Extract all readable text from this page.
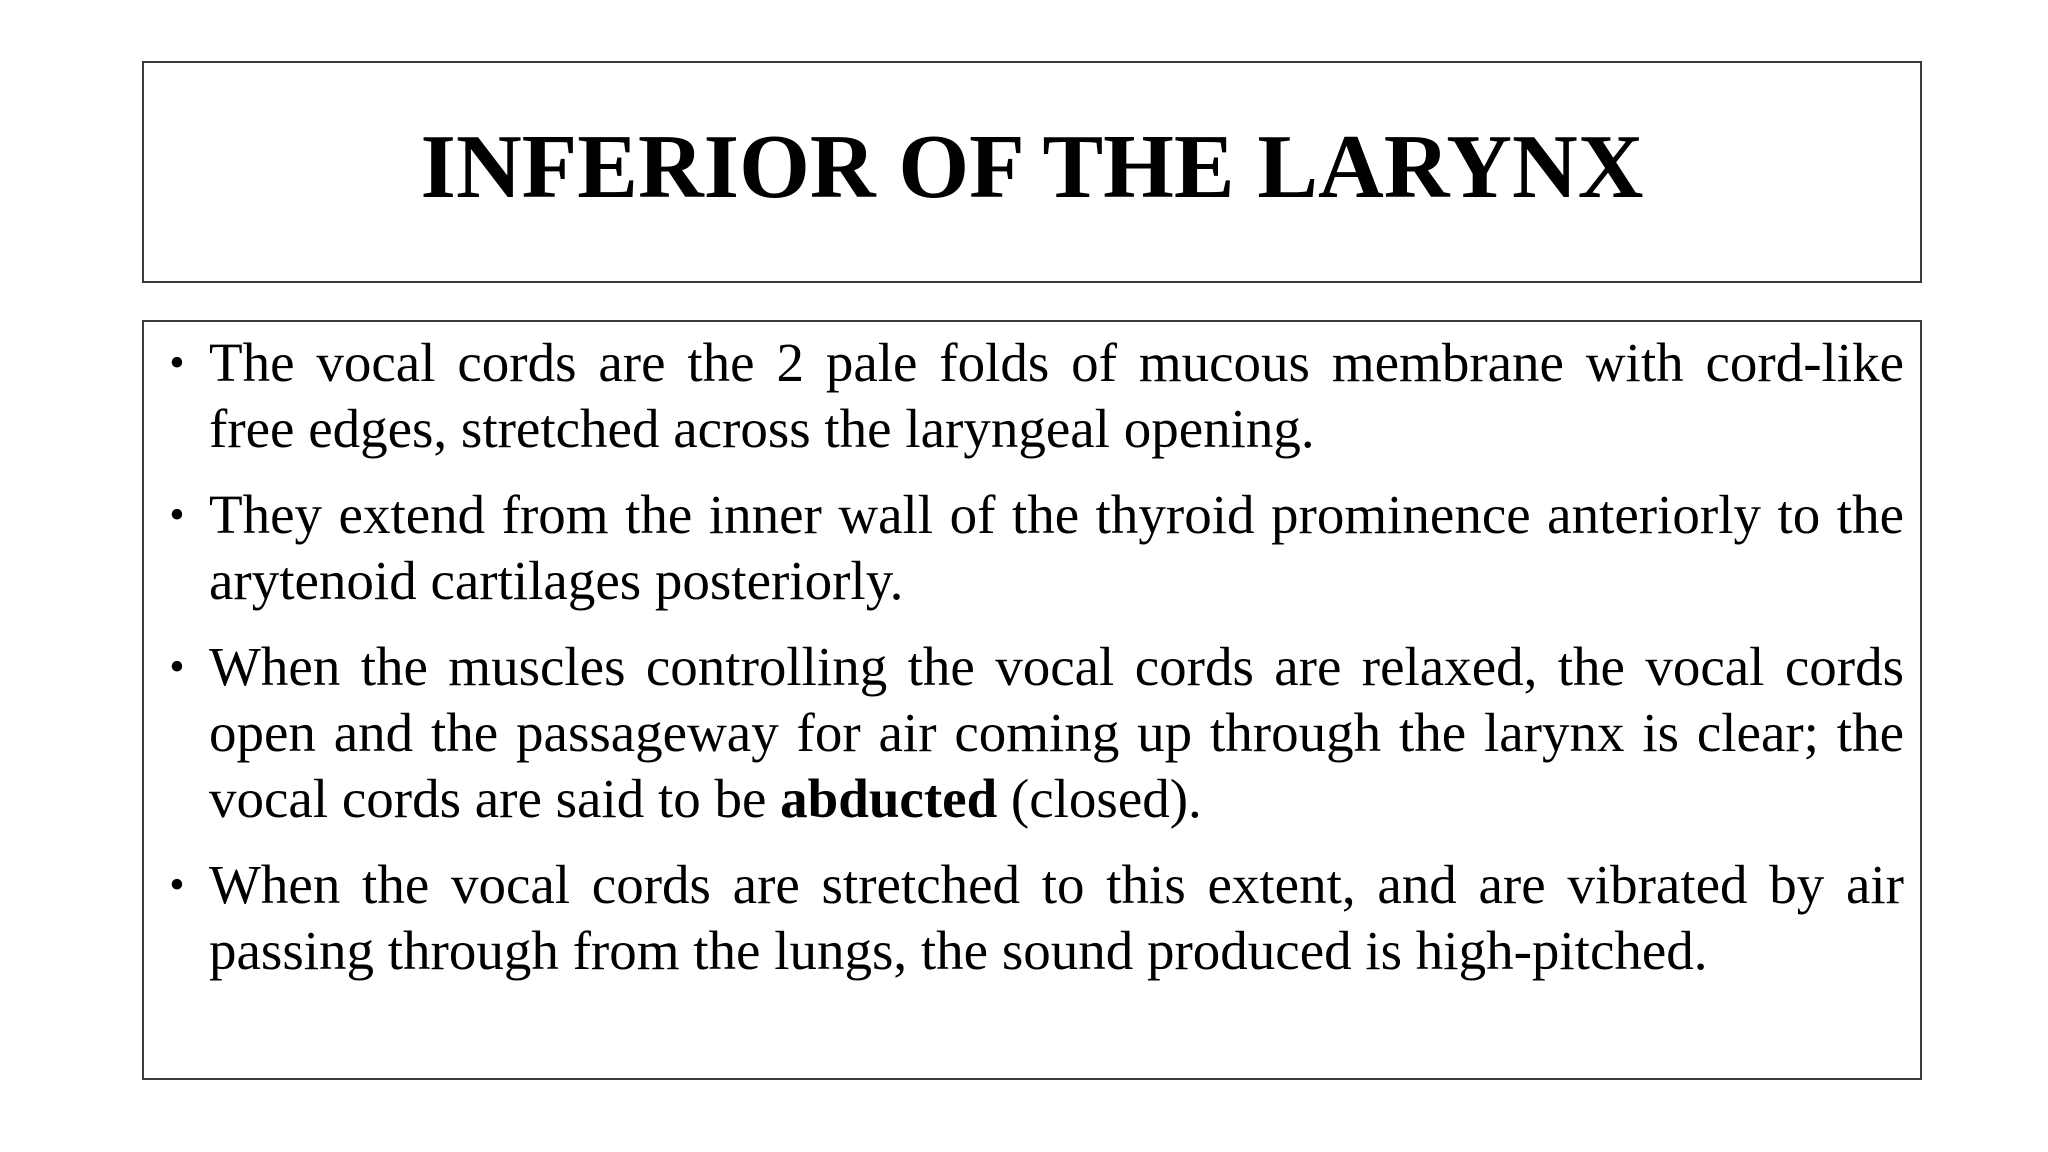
INFERIOR OF THE LARYNX
• The vocal cords are the 2 pale folds of mucous membrane with cord-like free edges, stretched across the laryngeal opening.
• They extend from the inner wall of the thyroid prominence anteriorly to the arytenoid cartilages posteriorly.
• When the muscles controlling the vocal cords are relaxed, the vocal cords open and the passageway for air coming up through the larynx is clear; the vocal cords are said to be abducted (closed).
• When the vocal cords are stretched to this extent, and are vibrated by air passing through from the lungs, the sound produced is high-pitched.
